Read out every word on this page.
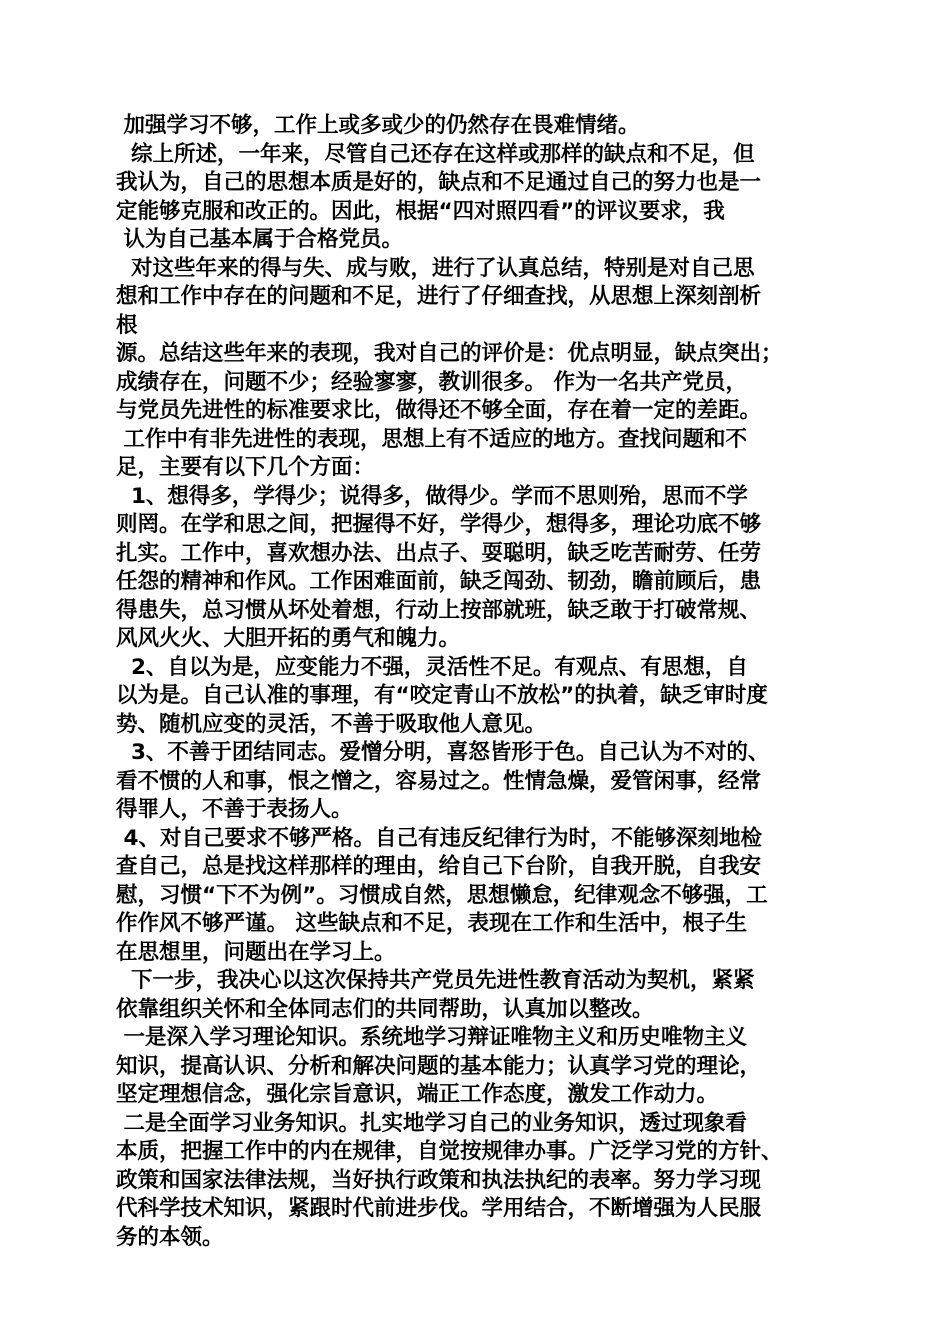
加强学习不够，工作上或多或少的仍然存在畏难情绪。
综上所述，一年来，尽管自己还存在这样或那样的缺点和不足，但
我认为，自己的思想本质是好的，缺点和不足通过自己的努力也是一
定能够克服和改正的。因此，根据“四对照四看”的评议要求，我
认为自己基本属于合格党员。
对这些年来的得与失、成与败，进行了认真总结，特别是对自己思
想和工作中存在的问题和不足，进行了仔细查找，从思想上深刻剖析
根
源。总结这些年来的表现，我对自己的评价是：优点明显，缺点突出；
成绩存在，问题不少；经验寥寥，教训很多。 作为一名共产党员，
与党员先进性的标准要求比，做得还不够全面，存在着一定的差距。
工作中有非先进性的表现，思想上有不适应的地方。查找问题和不
足，主要有以下几个方面：
1、想得多，学得少；说得多，做得少。学而不思则殆，思而不学
则罔。在学和思之间，把握得不好，学得少，想得多，理论功底不够
扎实。工作中，喜欢想办法、出点子、耍聪明，缺乏吃苦耐劳、任劳
任怨的精神和作风。工作困难面前，缺乏闯劲、韧劲，瞻前顾后，患
得患失，总习惯从坏处着想，行动上按部就班，缺乏敢于打破常规、
风风火火、大胆开拓的勇气和魄力。
2、自以为是，应变能力不强，灵活性不足。有观点、有思想，自
以为是。自己认准的事理，有“咬定青山不放松”的执着，缺乏审时度
势、随机应变的灵活，不善于吸取他人意见。
3、不善于团结同志。爱憎分明，喜怒皆形于色。自己认为不对的、
看不惯的人和事，恨之憎之，容易过之。性情急燥，爱管闲事，经常
得罪人，不善于表扬人。
4、对自己要求不够严格。自己有违反纪律行为时，不能够深刻地检
查自己，总是找这样那样的理由，给自己下台阶，自我开脱，自我安
慰，习惯“下不为例”。习惯成自然，思想懒怠，纪律观念不够强，工
作作风不够严谨。 这些缺点和不足，表现在工作和生活中，根子生
在思想里，问题出在学习上。
下一步，我决心以这次保持共产党员先进性教育活动为契机，紧紧
依靠组织关怀和全体同志们的共同帮助，认真加以整改。
一是深入学习理论知识。系统地学习辩证唯物主义和历史唯物主义
知识，提高认识、分析和解决问题的基本能力；认真学习党的理论，
坚定理想信念，强化宗旨意识，端正工作态度，激发工作动力。
二是全面学习业务知识。扎实地学习自己的业务知识，透过现象看
本质，把握工作中的内在规律，自觉按规律办事。广泛学习党的方针、
政策和国家法律法规，当好执行政策和执法执纪的表率。努力学习现
代科学技术知识，紧跟时代前进步伐。学用结合，不断增强为人民服
务的本领。
